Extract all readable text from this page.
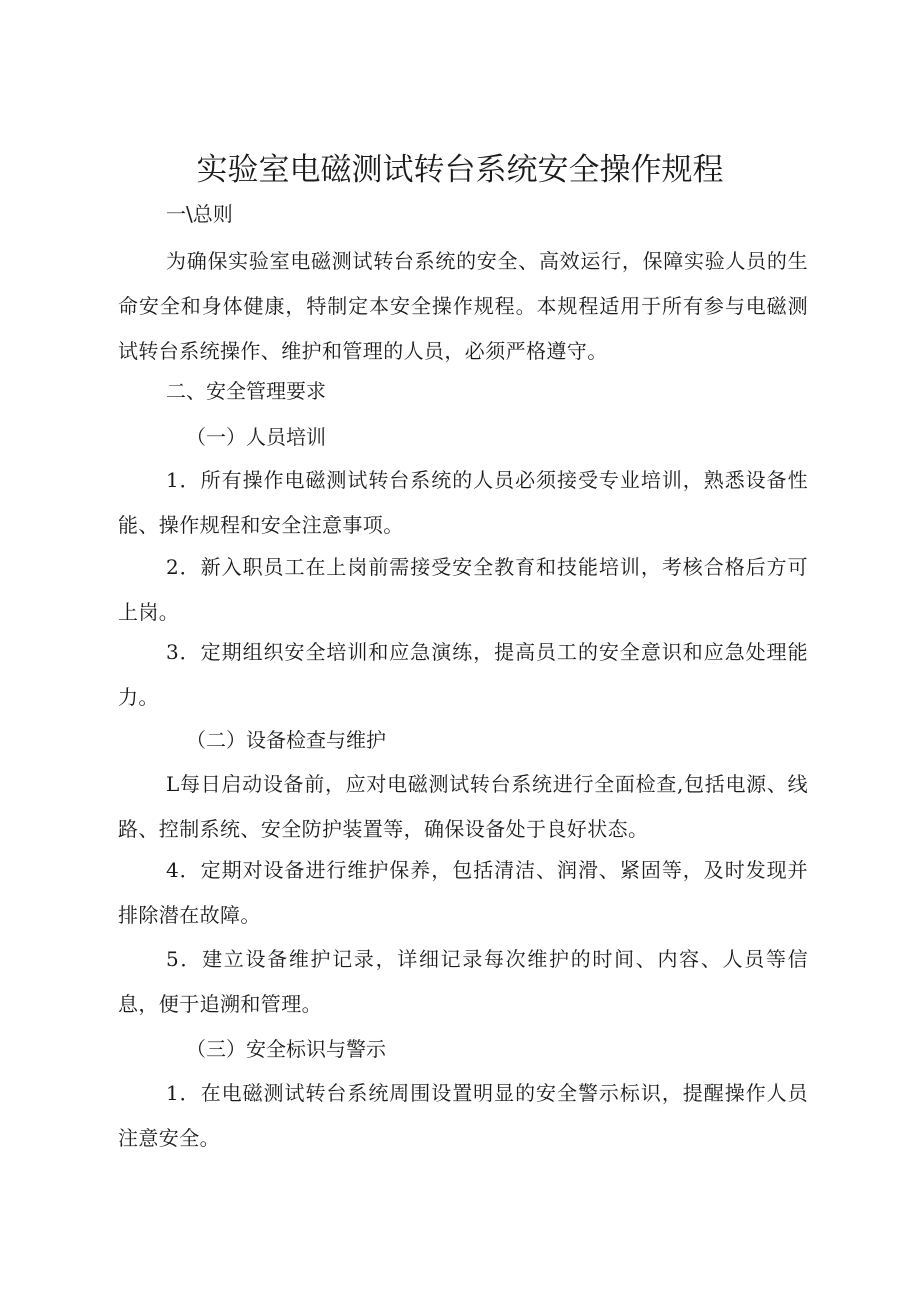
实验室电磁测试转台系统安全操作规程

一\总则

为确保实验室电磁测试转台系统的安全、高效运行，保障实验人员的生命安全和身体健康，特制定本安全操作规程。本规程适用于所有参与电磁测试转台系统操作、维护和管理的人员，必须严格遵守。

二、安全管理要求

（一）人员培训

1．所有操作电磁测试转台系统的人员必须接受专业培训，熟悉设备性能、操作规程和安全注意事项。

2．新入职员工在上岗前需接受安全教育和技能培训，考核合格后方可上岗。

3．定期组织安全培训和应急演练，提高员工的安全意识和应急处理能力。

（二）设备检查与维护

L每日启动设备前，应对电磁测试转台系统进行全面检查,包括电源、线路、控制系统、安全防护装置等，确保设备处于良好状态。

4．定期对设备进行维护保养，包括清洁、润滑、紧固等，及时发现并排除潜在故障。

5．建立设备维护记录，详细记录每次维护的时间、内容、人员等信息，便于追溯和管理。

（三）安全标识与警示

1．在电磁测试转台系统周围设置明显的安全警示标识，提醒操作人员注意安全。
